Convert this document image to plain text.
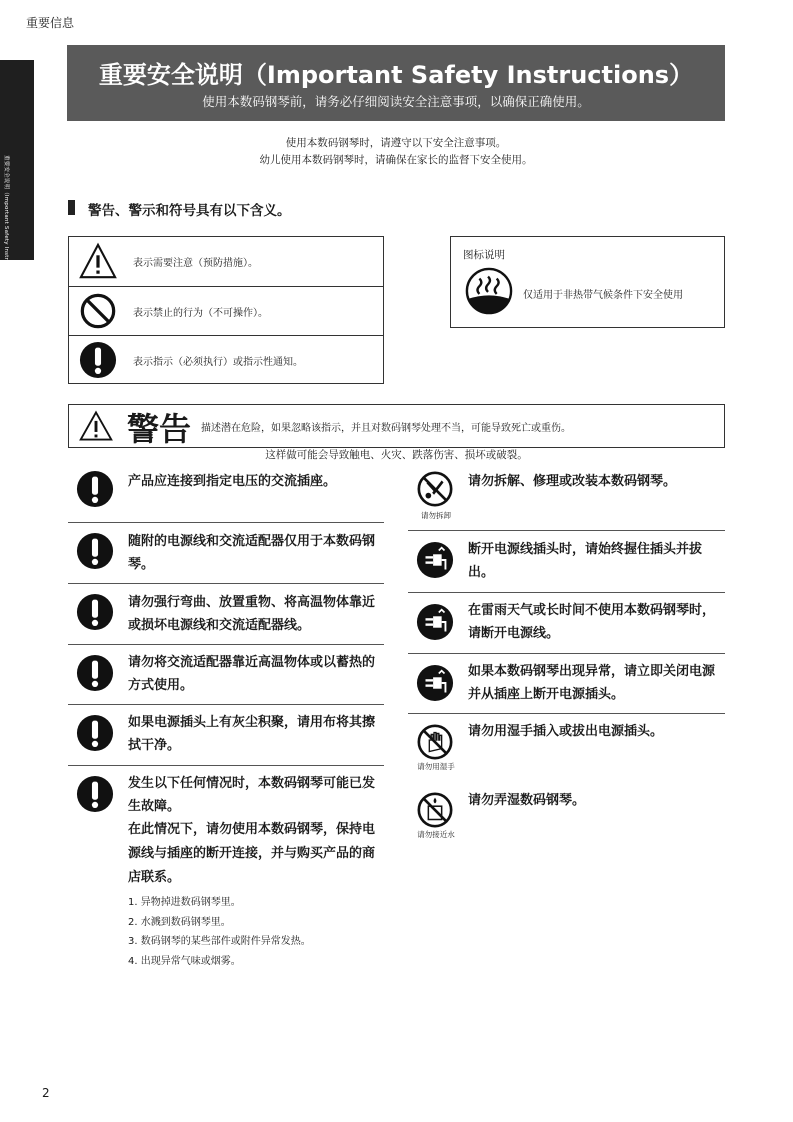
重要信息
重要安全说明（Important Safety Instructions）
重要安全说明（Important Safety Instructions）
使用本数码钢琴前，请务必仔细阅读安全注意事项，以确保正确使用。
使用本数码钢琴时，请遵守以下安全注意事项。
幼儿使用本数码钢琴时，请确保在家长的监督下安全使用。
警告、警示和符号具有以下含义。
表示需要注意（预防措施）。
表示禁止的行为（不可操作）。
表示指示（必须执行）或指示性通知。
图标说明
仅适用于非热带气候条件下安全使用
警告 描述潜在危险，如果忽略该指示，并且对数码钢琴处理不当，可能导致死亡或重伤。
这样做可能会导致触电、火灾、跌落伤害、损坏或破裂。
产品应连接到指定电压的交流插座。
随附的电源线和交流适配器仅用于本数码钢琴。
请勿强行弯曲、放置重物、将高温物体靠近或损坏电源线和交流适配器线。
请勿将交流适配器靠近高温物体或以蓄热的方式使用。
如果电源插头上有灰尘积聚，请用布将其擦拭干净。
发生以下任何情况时，本数码钢琴可能已发生故障。
在此情况下，请勿使用本数码钢琴，保持电源线与插座的断开连接，并与购买产品的商店联系。
1. 异物掉进数码钢琴里。
2. 水溅到数码钢琴里。
3. 数码钢琴的某些部件或附件异常发热。
4. 出现异常气味或烟雾。
请勿拆卸
请勿拆解、修理或改装本数码钢琴。
断开电源线插头时，请始终握住插头并拔出。
在雷雨天气或长时间不使用本数码钢琴时，请断开电源线。
如果本数码钢琴出现异常，请立即关闭电源并从插座上断开电源插头。
请勿用湿手
请勿用湿手插入或拔出电源插头。
请勿接近水
请勿弄湿数码钢琴。
2
